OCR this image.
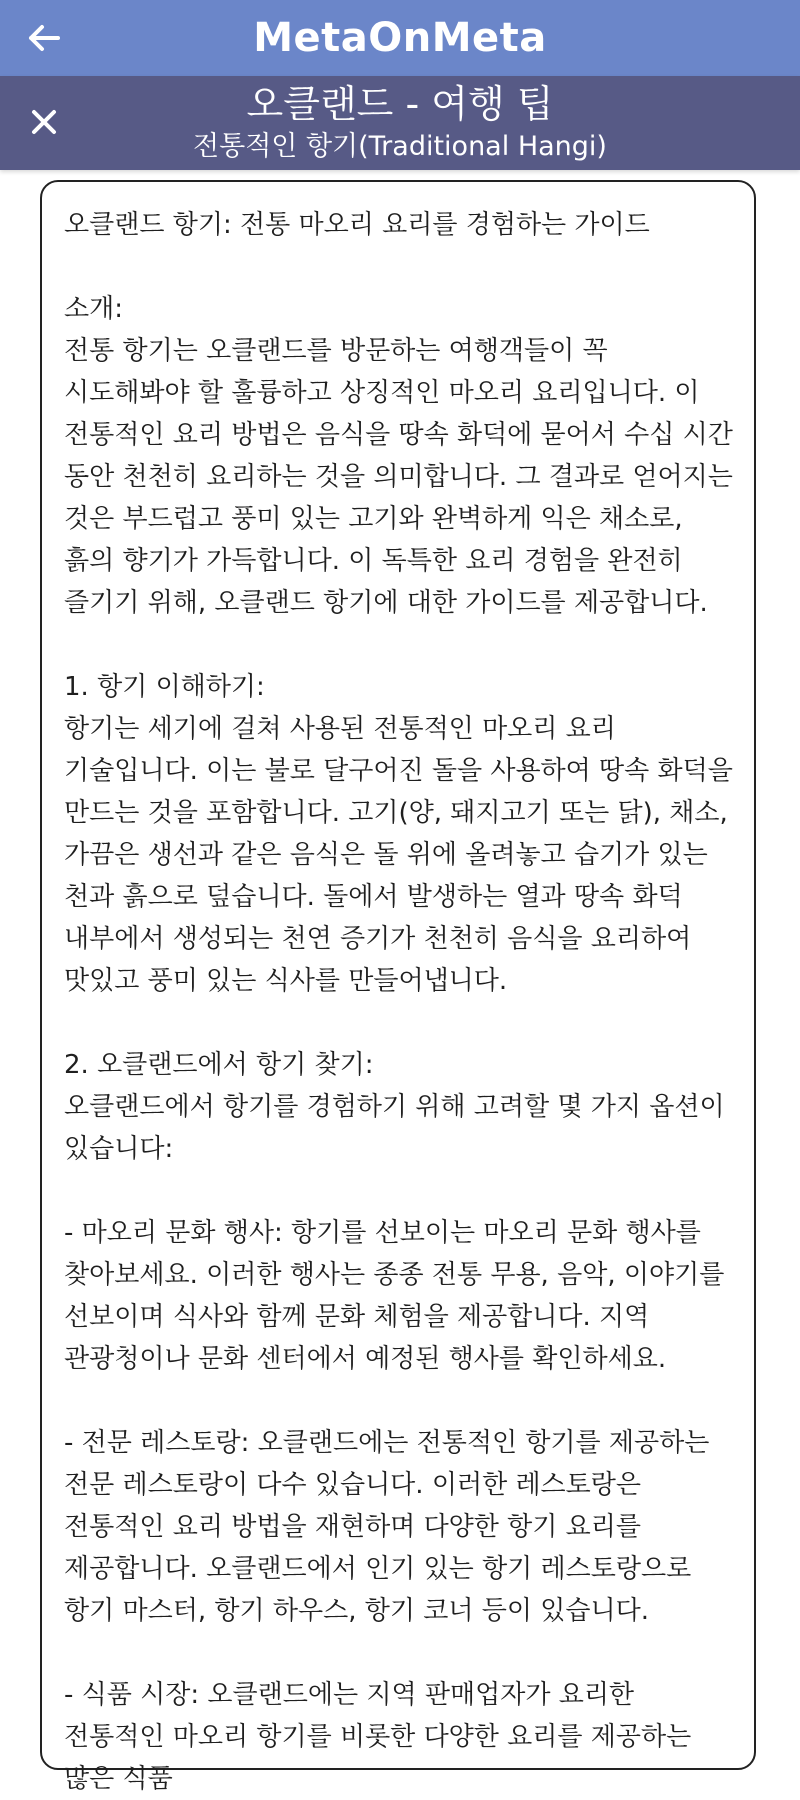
MetaOnMeta
오클랜드 - 여행 팁
전통적인 항기(Traditional Hangi)
오클랜드 항기: 전통 마오리 요리를 경험하는 가이드

소개:
전통 항기는 오클랜드를 방문하는 여행객들이 꼭 시도해봐야 할 훌륭하고 상징적인 마오리 요리입니다. 이 전통적인 요리 방법은 음식을 땅속 화덕에 묻어서 수십 시간 동안 천천히 요리하는 것을 의미합니다. 그 결과로 얻어지는 것은 부드럽고 풍미 있는 고기와 완벽하게 익은 채소로, 흙의 향기가 가득합니다. 이 독특한 요리 경험을 완전히 즐기기 위해, 오클랜드 항기에 대한 가이드를 제공합니다.

1. 항기 이해하기:
항기는 세기에 걸쳐 사용된 전통적인 마오리 요리 기술입니다. 이는 불로 달구어진 돌을 사용하여 땅속 화덕을 만드는 것을 포함합니다. 고기(양, 돼지고기 또는 닭), 채소, 가끔은 생선과 같은 음식은 돌 위에 올려놓고 습기가 있는 천과 흙으로 덮습니다. 돌에서 발생하는 열과 땅속 화덕 내부에서 생성되는 천연 증기가 천천히 음식을 요리하여 맛있고 풍미 있는 식사를 만들어냅니다.

2. 오클랜드에서 항기 찾기:
오클랜드에서 항기를 경험하기 위해 고려할 몇 가지 옵션이 있습니다:

- 마오리 문화 행사: 항기를 선보이는 마오리 문화 행사를 찾아보세요. 이러한 행사는 종종 전통 무용, 음악, 이야기를 선보이며 식사와 함께 문화 체험을 제공합니다. 지역 관광청이나 문화 센터에서 예정된 행사를 확인하세요.

- 전문 레스토랑: 오클랜드에는 전통적인 항기를 제공하는 전문 레스토랑이 다수 있습니다. 이러한 레스토랑은 전통적인 요리 방법을 재현하며 다양한 항기 요리를 제공합니다. 오클랜드에서 인기 있는 항기 레스토랑으로 항기 마스터, 항기 하우스, 항기 코너 등이 있습니다.

- 식품 시장: 오클랜드에는 지역 판매업자가 요리한 전통적인 마오리 항기를 비롯한 다양한 요리를 제공하는 많은 식품
